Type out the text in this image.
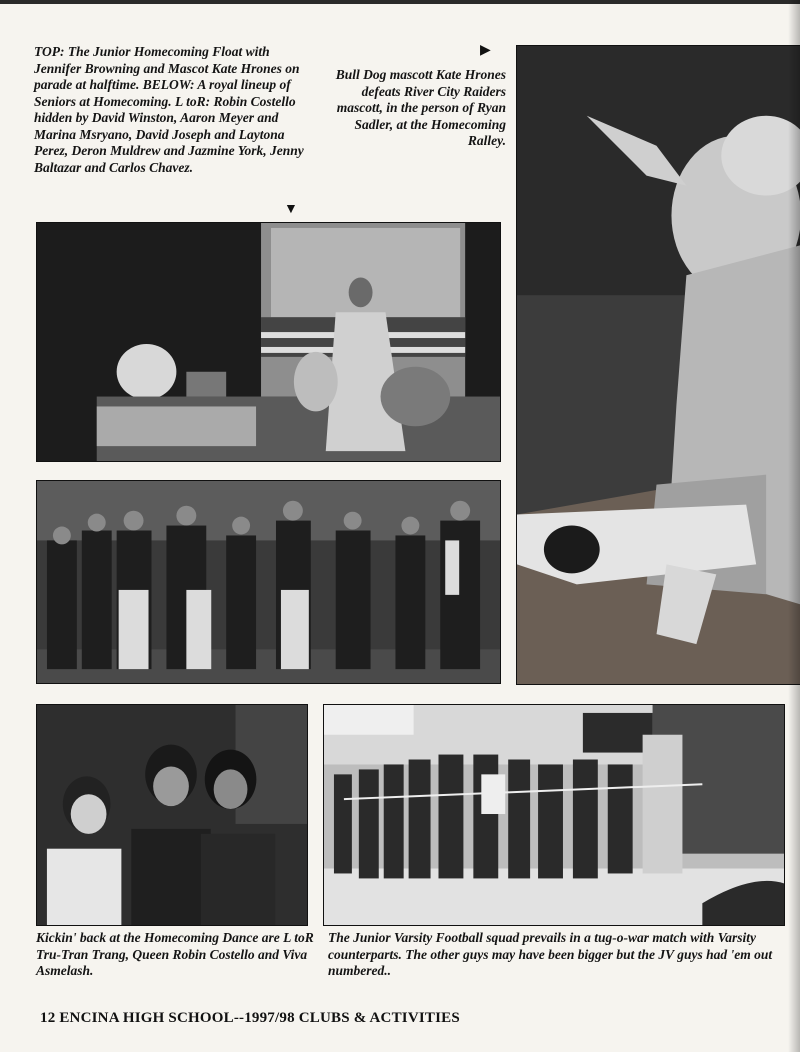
TOP: The Junior Homecoming Float with Jennifer Browning and Mascot Kate Hrones on parade at halftime. BELOW: A royal lineup of Seniors at Homecoming. L toR: Robin Costello hidden by David Winston, Aaron Meyer and Marina Msryano, David Joseph and Laytona Perez, Deron Muldrew and Jazmine York, Jenny Baltazar and Carlos Chavez.

▶

Bull Dog mascott Kate Hrones defeats River City Raiders mascott, in the person of Ryan Sadler, at the Homecoming Ralley.

▼

Kickin' back at the Homecoming Dance are L toR Tru-Tran Trang, Queen Robin Costello and Viva Asmelash.

The Junior Varsity Football squad prevails in a tug-o-war match with Varsity counterparts. The other guys may have been bigger but the JV guys had 'em out numbered..

12 ENCINA HIGH SCHOOL--1997/98 CLUBS & ACTIVITIES
